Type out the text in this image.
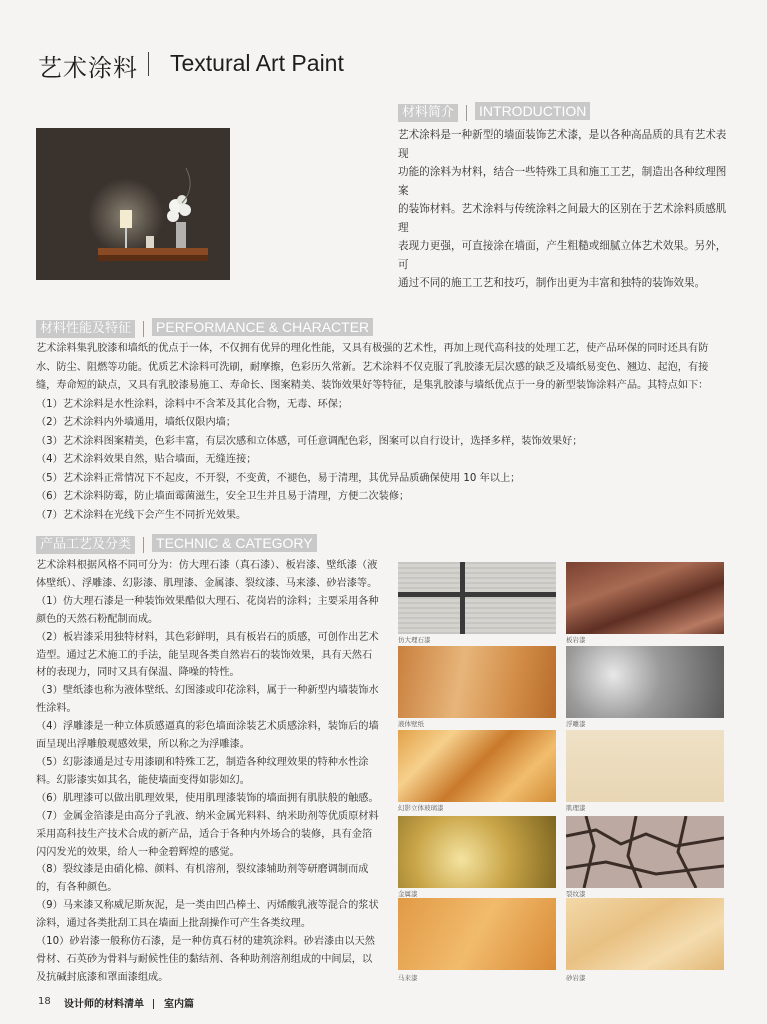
艺术涂料 Textural Art Paint
材料简介 INTRODUCTION

艺术涂料是一种新型的墙面装饰艺术漆，是以各种高品质的具有艺术表现

功能的涂料为材料，结合一些特殊工具和施工工艺，制造出各种纹理图案

的装饰材料。艺术涂料与传统涂料之间最大的区别在于艺术涂料质感肌理

表现力更强，可直接涂在墙面，产生粗糙或细腻立体艺术效果。另外，可

通过不同的施工工艺和技巧，制作出更为丰富和独特的装饰效果。

材料性能及特征 PERFORMANCE & CHARACTER

艺术涂料集乳胶漆和墙纸的优点于一体，不仅拥有优异的理化性能，又具有极强的艺术性，再加上现代高科技的处理工艺，使产品环保的同时还具有防

水、防尘、阻燃等功能。优质艺术涂料可洗刷，耐摩擦，色彩历久常新。艺术涂料不仅克服了乳胶漆无层次感的缺乏及墙纸易变色、翘边、起泡，有接

缝，寿命短的缺点，又具有乳胶漆易施工、寿命长、图案精美、装饰效果好等特征，是集乳胶漆与墙纸优点于一身的新型装饰涂料产品。其特点如下：

（1）艺术涂料是水性涂料，涂料中不含苯及其化合物，无毒、环保；

（2）艺术涂料内外墙通用，墙纸仅限内墙；

（3）艺术涂料图案精美，色彩丰富，有层次感和立体感，可任意调配色彩，图案可以自行设计，选择多样，装饰效果好；

（4）艺术涂料效果自然，贴合墙面，无缝连接；

（5）艺术涂料正常情况下不起皮，不开裂，不变黄，不褪色，易于清理，其优异品质确保使用 10 年以上；

（6）艺术涂料防霉，防止墙面霉菌滋生，安全卫生并且易于清理，方便二次装修；

（7）艺术涂料在光线下会产生不同折光效果。

产品工艺及分类 TECHNIC & CATEGORY

艺术涂料根据风格不同可分为：仿大理石漆（真石漆）、板岩漆、壁纸漆（液

体壁纸）、浮雕漆、幻影漆、肌理漆、金属漆、裂纹漆、马来漆、砂岩漆等。

（1）仿大理石漆是一种装饰效果酷似大理石、花岗岩的涂料；主要采用各种

颜色的天然石粉配制而成。

（2）板岩漆采用独特材料，其色彩鲜明，具有板岩石的质感，可创作出艺术

造型。通过艺术施工的手法，能呈现各类自然岩石的装饰效果，具有天然石

材的表现力，同时又具有保温、降噪的特性。

（3）壁纸漆也称为液体壁纸、幻图漆或印花涂料，属于一种新型内墙装饰水

性涂料。

（4）浮雕漆是一种立体质感逼真的彩色墙面涂装艺术质感涂料，装饰后的墙

面呈现出浮雕般观感效果，所以称之为浮雕漆。

（5）幻影漆通是过专用漆刷和特殊工艺，制造各种纹理效果的特种水性涂

料。幻影漆实如其名，能使墙面变得如影如幻。

（6）肌理漆可以做出肌理效果，使用肌理漆装饰的墙面拥有肌肤般的触感。

（7）金属金箔漆是由高分子乳液、纳米金属光料料、纳米助剂等优质原材料

采用高科技生产技术合成的新产品，适合于各种内外场合的装修，具有金箔

闪闪发光的效果，给人一种金碧辉煌的感觉。

（8）裂纹漆是由硝化棉、颜料、有机溶剂，裂纹漆辅助剂等研磨调制而成

的，有各种颜色。

（9）马来漆又称威尼斯灰泥，是一类由凹凸棒土、丙烯酸乳液等混合的浆状

涂料，通过各类批刮工具在墙面上批刮操作可产生各类纹理。

（10）砂岩漆一般称仿石漆，是一种仿真石材的建筑涂料。砂岩漆由以天然

骨材、石英砂为骨料与耐候性佳的黏结剂、各种助剂溶剂组成的中间层，以

及抗碱封底漆和罩面漆组成。

仿大理石漆	板岩漆
液体壁纸	浮雕漆
幻影立体玻璃漆	肌理漆
金属漆	裂纹漆
马来漆	砂岩漆
18 设计师的材料清单 室内篇
